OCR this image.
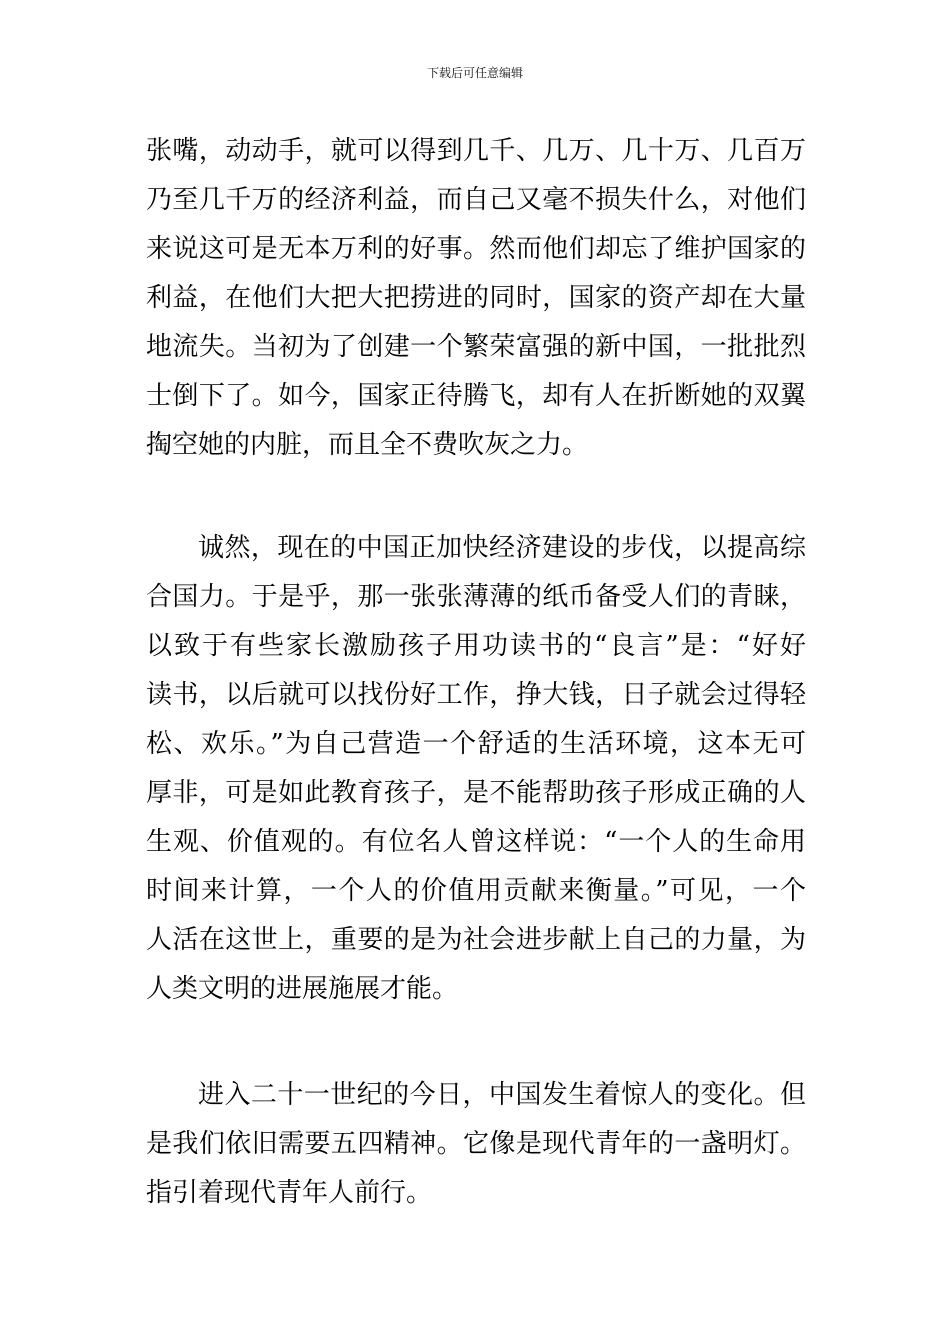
下载后可任意编辑
张嘴，动动手，就可以得到几千、几万、几十万、几百万
乃至几千万的经济利益，而自己又毫不损失什么，对他们
来说这可是无本万利的好事。然而他们却忘了维护国家的
利益，在他们大把大把捞进的同时，国家的资产却在大量
地流失。当初为了创建一个繁荣富强的新中国，一批批烈
士倒下了。如今，国家正待腾飞，却有人在折断她的双翼
掏空她的内脏，而且全不费吹灰之力。
诚然，现在的中国正加快经济建设的步伐，以提高综
合国力。于是乎，那一张张薄薄的纸币备受人们的青睐，
以致于有些家长激励孩子用功读书的“良言”是：“好好
读书，以后就可以找份好工作，挣大钱，日子就会过得轻
松、欢乐。”为自己营造一个舒适的生活环境，这本无可
厚非，可是如此教育孩子，是不能帮助孩子形成正确的人
生观、价值观的。有位名人曾这样说：“一个人的生命用
时间来计算，一个人的价值用贡献来衡量。”可见，一个
人活在这世上，重要的是为社会进步献上自己的力量，为
人类文明的进展施展才能。
进入二十一世纪的今日，中国发生着惊人的变化。但
是我们依旧需要五四精神。它像是现代青年的一盏明灯。
指引着现代青年人前行。
